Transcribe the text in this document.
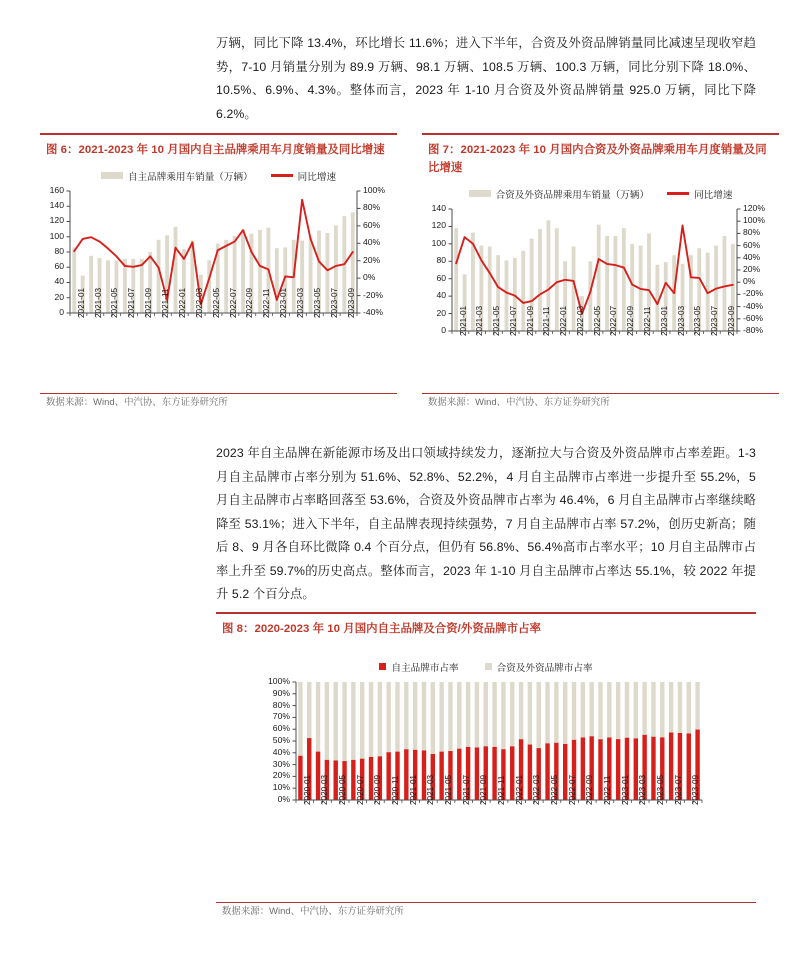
万辆，同比下降 13.4%，环比增长 11.6%；进入下半年，合资及外资品牌销量同比减速呈现收窄趋势，7-10 月销量分别为 89.9 万辆、98.1 万辆、108.5 万辆、100.3 万辆，同比分别下降 18.0%、10.5%、6.9%、4.3%。整体而言，2023 年 1-10 月合资及外资品牌销量 925.0 万辆，同比下降 6.2%。
图 6：2021-2023 年 10 月国内自主品牌乘用车月度销量及同比增速
自主品牌乘用车销量（万辆）	同比增速
0
20
40
60
80
100
120
140
160
-40%
-20%
0%
20%
40%
60%
80%
100%
2021-01 2021-03 2021-05 2021-07 2021-09 2021-11 2022-01 2022-03 2022-05 2022-07 2022-09 2022-11 2023-01 2023-03 2023-05 2023-07 2023-09
数据来源：Wind、中汽协、东方证券研究所
图 7：2021-2023 年 10 月国内合资及外资品牌乘用车月度销量及同比增速
合资及外资品牌乘用车销量（万辆）	同比增速
0
20
40
60
80
100
120
140
-80%
-60%
-40%
-20%
0%
20%
40%
60%
80%
100%
120%
2021-01 2021-03 2021-05 2021-07 2021-09 2021-11 2022-01 2022-03 2022-05 2022-07 2022-09 2022-11 2023-01 2023-03 2023-05 2023-07 2023-09
数据来源：Wind、中汽协、东方证券研究所
2023 年自主品牌在新能源市场及出口领域持续发力，逐渐拉大与合资及外资品牌市占率差距。1-3 月自主品牌市占率分别为 51.6%、52.8%、52.2%，4 月自主品牌市占率进一步提升至 55.2%，5 月自主品牌市占率略回落至 53.6%，合资及外资品牌市占率为 46.4%，6 月自主品牌市占率继续略降至 53.1%；进入下半年，自主品牌表现持续强势，7 月自主品牌市占率 57.2%，创历史新高；随后 8、9 月各自环比微降 0.4 个百分点，但仍有 56.8%、56.4%高市占率水平；10 月自主品牌市占率上升至 59.7%的历史高点。整体而言，2023 年 1-10 月自主品牌市占率达 55.1%，较 2022 年提升 5.2 个百分点。
图 8：2020-2023 年 10 月国内自主品牌及合资/外资品牌市占率
自主品牌市占率	合资及外资品牌市占率
0%
10%
20%
30%
40%
50%
60%
70%
80%
90%
100%
2020-01 2020-03 2020-05 2020-07 2020-09 2020-11 2021-01 2021-03 2021-05 2021-07 2021-09 2021-11 2022-01 2022-03 2022-05 2022-07 2022-09 2022-11 2023-01 2023-03 2023-05 2023-07 2023-09
数据来源：Wind、中汽协、东方证券研究所
